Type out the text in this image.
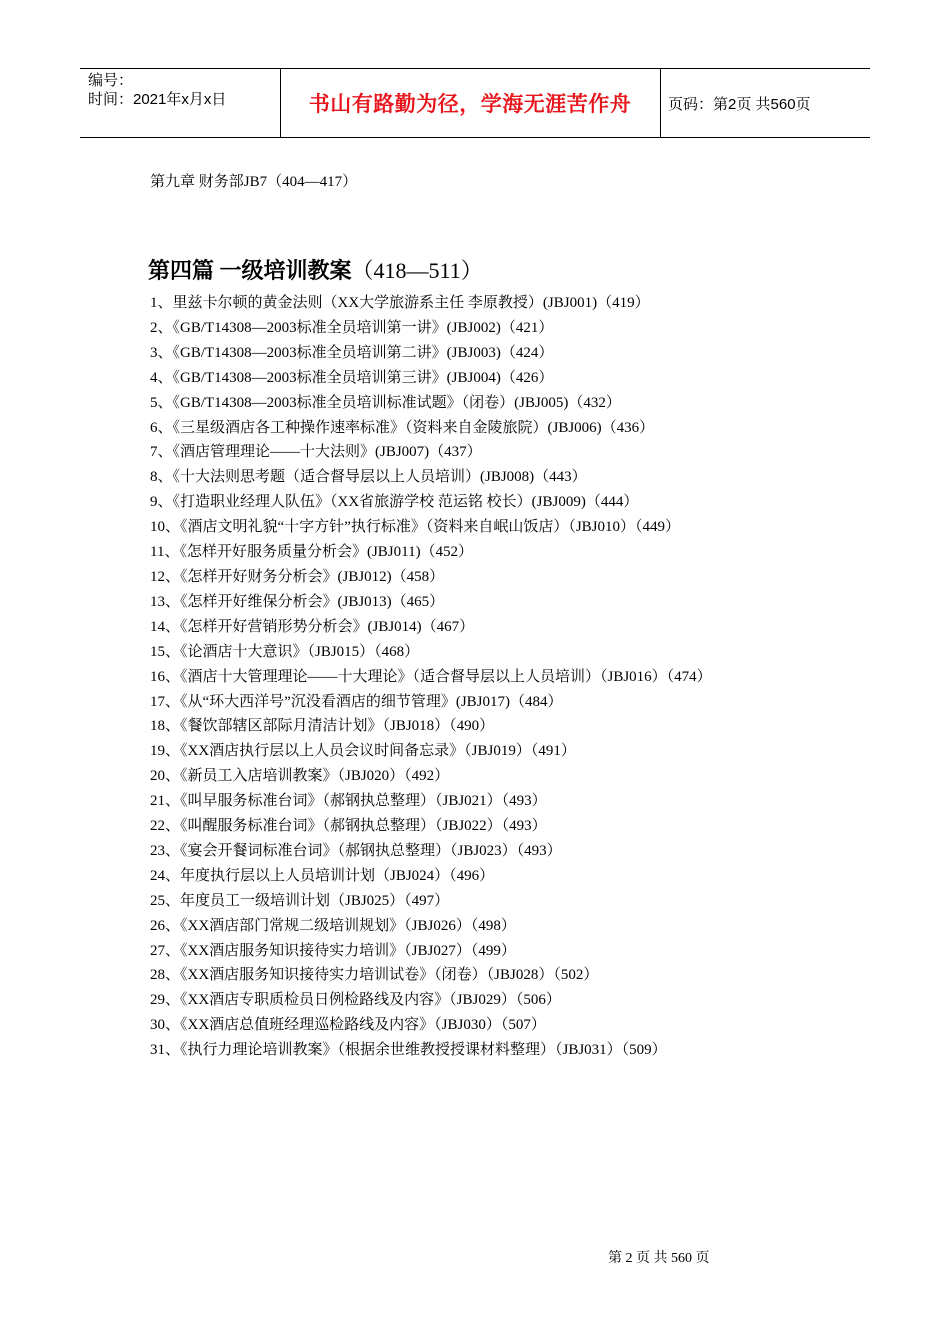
编号：
时间：2021年x月x日	书山有路勤为径，学海无涯苦作舟 页码：第2页 共560页
第九章 财务部JB7（404—417）
第四篇 一级培训教案（418—511）
1、里兹卡尔顿的黄金法则（XX大学旅游系主任 李原教授）(JBJ001)（419）
2、《GB/T14308—2003标准全员培训第一讲》(JBJ002)（421）
3、《GB/T14308—2003标准全员培训第二讲》(JBJ003)（424）
4、《GB/T14308—2003标准全员培训第三讲》(JBJ004)（426）
5、《GB/T14308—2003标准全员培训标准试题》（闭卷）(JBJ005)（432）
6、《三星级酒店各工种操作速率标准》（资料来自金陵旅院）(JBJ006)（436）
7、《酒店管理理论——十大法则》(JBJ007)（437）
8、《十大法则思考题（适合督导层以上人员培训）(JBJ008)（443）
9、《打造职业经理人队伍》（XX省旅游学校 范运铭 校长）(JBJ009)（444）
10、《酒店文明礼貌“十字方针”执行标准》（资料来自岷山饭店）（JBJ010）（449）
11、《怎样开好服务质量分析会》(JBJ011)（452）
12、《怎样开好财务分析会》(JBJ012)（458）
13、《怎样开好维保分析会》(JBJ013)（465）
14、《怎样开好营销形势分析会》(JBJ014)（467）
15、《论酒店十大意识》（JBJ015）（468）
16、《酒店十大管理理论——十大理论》（适合督导层以上人员培训）（JBJ016）（474）
17、《从“环大西洋号”沉没看酒店的细节管理》(JBJ017)（484）
18、《餐饮部辖区部际月清洁计划》（JBJ018）（490）
19、《XX酒店执行层以上人员会议时间备忘录》（JBJ019）（491）
20、《新员工入店培训教案》（JBJ020）（492）
21、《叫早服务标准台词》（郝钢执总整理）（JBJ021）（493）
22、《叫醒服务标准台词》（郝钢执总整理）（JBJ022）（493）
23、《宴会开餐词标准台词》（郝钢执总整理）（JBJ023）（493）
24、年度执行层以上人员培训计划（JBJ024）（496）
25、年度员工一级培训计划（JBJ025）（497）
26、《XX酒店部门常规二级培训规划》（JBJ026）（498）
27、《XX酒店服务知识接待实力培训》（JBJ027）（499）
28、《XX酒店服务知识接待实力培训试卷》（闭卷）（JBJ028）（502）
29、《XX酒店专职质检员日例检路线及内容》（JBJ029）（506）
30、《XX酒店总值班经理巡检路线及内容》（JBJ030）（507）
31、《执行力理论培训教案》（根据余世维教授授课材料整理）（JBJ031）（509）
第 2 页 共 560 页
